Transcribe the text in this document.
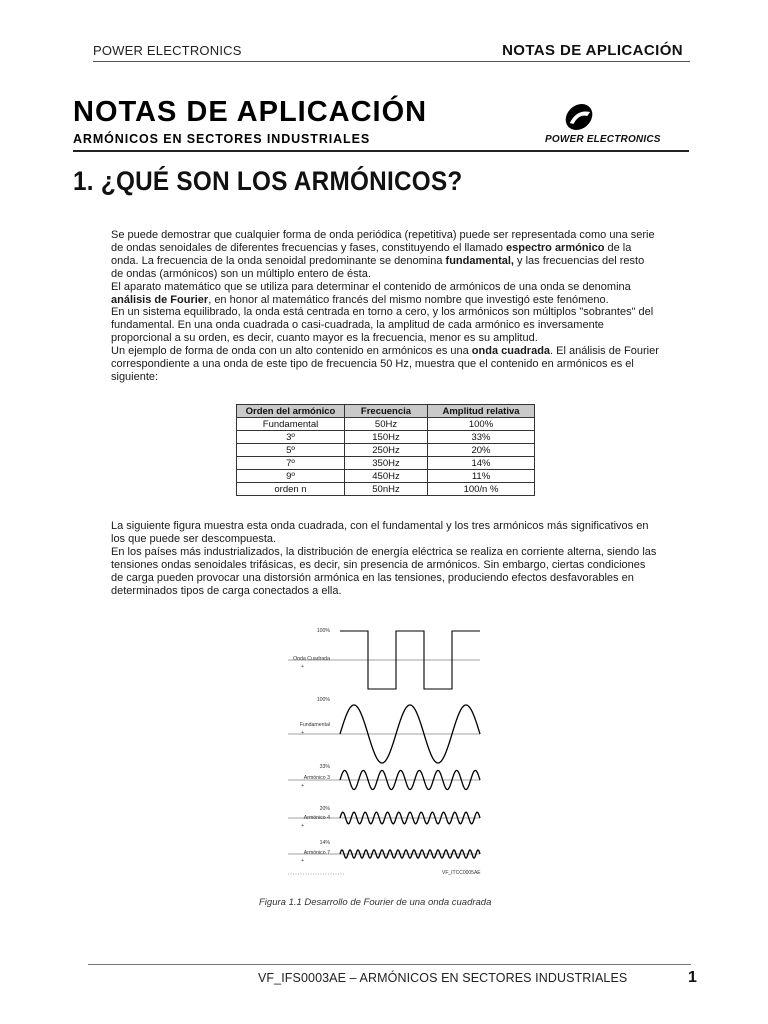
POWER ELECTRONICS	NOTAS DE APLICACIÓN
NOTAS DE APLICACIÓN
ARMÓNICOS EN SECTORES INDUSTRIALES	POWER ELECTRONICS
1. ¿QUÉ SON LOS ARMÓNICOS?
Se puede demostrar que cualquier forma de onda periódica (repetitiva) puede ser representada como una serie de ondas senoidales de diferentes frecuencias y fases, constituyendo el llamado espectro armónico de la onda. La frecuencia de la onda senoidal predominante se denomina fundamental, y las frecuencias del resto de ondas (armónicos) son un múltiplo entero de ésta.
El aparato matemático que se utiliza para determinar el contenido de armónicos de una onda se denomina análisis de Fourier, en honor al matemático francés del mismo nombre que investigó este fenómeno.
En un sistema equilibrado, la onda está centrada en torno a cero, y los armónicos son múltiplos "sobrantes" del fundamental. En una onda cuadrada o casi-cuadrada, la amplitud de cada armónico es inversamente proporcional a su orden, es decir, cuanto mayor es la frecuencia, menor es su amplitud.
Un ejemplo de forma de onda con un alto contenido en armónicos es una onda cuadrada. El análisis de Fourier correspondiente a una onda de este tipo de frecuencia 50 Hz, muestra que el contenido en armónicos es el siguiente:
Orden del armónico	Frecuencia	Amplitud relativa
Fundamental	50Hz	100%
3º	150Hz	33%
5º	250Hz	20%
7º	350Hz	14%
9º	450Hz	11%
orden n	50nHz	100/n %
La siguiente figura muestra esta onda cuadrada, con el fundamental y los tres armónicos más significativos en los que puede ser descompuesta.
En los países más industrializados, la distribución de energía eléctrica se realiza en corriente alterna, siendo las tensiones ondas senoidales trifásicas, es decir, sin presencia de armónicos. Sin embargo, ciertas condiciones de carga pueden provocar una distorsión armónica en las tensiones, produciendo efectos desfavorables en determinados tipos de carga conectados a ella.
100%
Onda Cuadrada
+
100%
Fundamental
+
33%
Armónico 3
+
20%
Armónico 4
+
14%
Armónico 7
+
VF_ITCC0005AE
Figura 1.1 Desarrollo de Fourier de una onda cuadrada
VF_IFS0003AE – ARMÓNICOS EN SECTORES INDUSTRIALES	1
